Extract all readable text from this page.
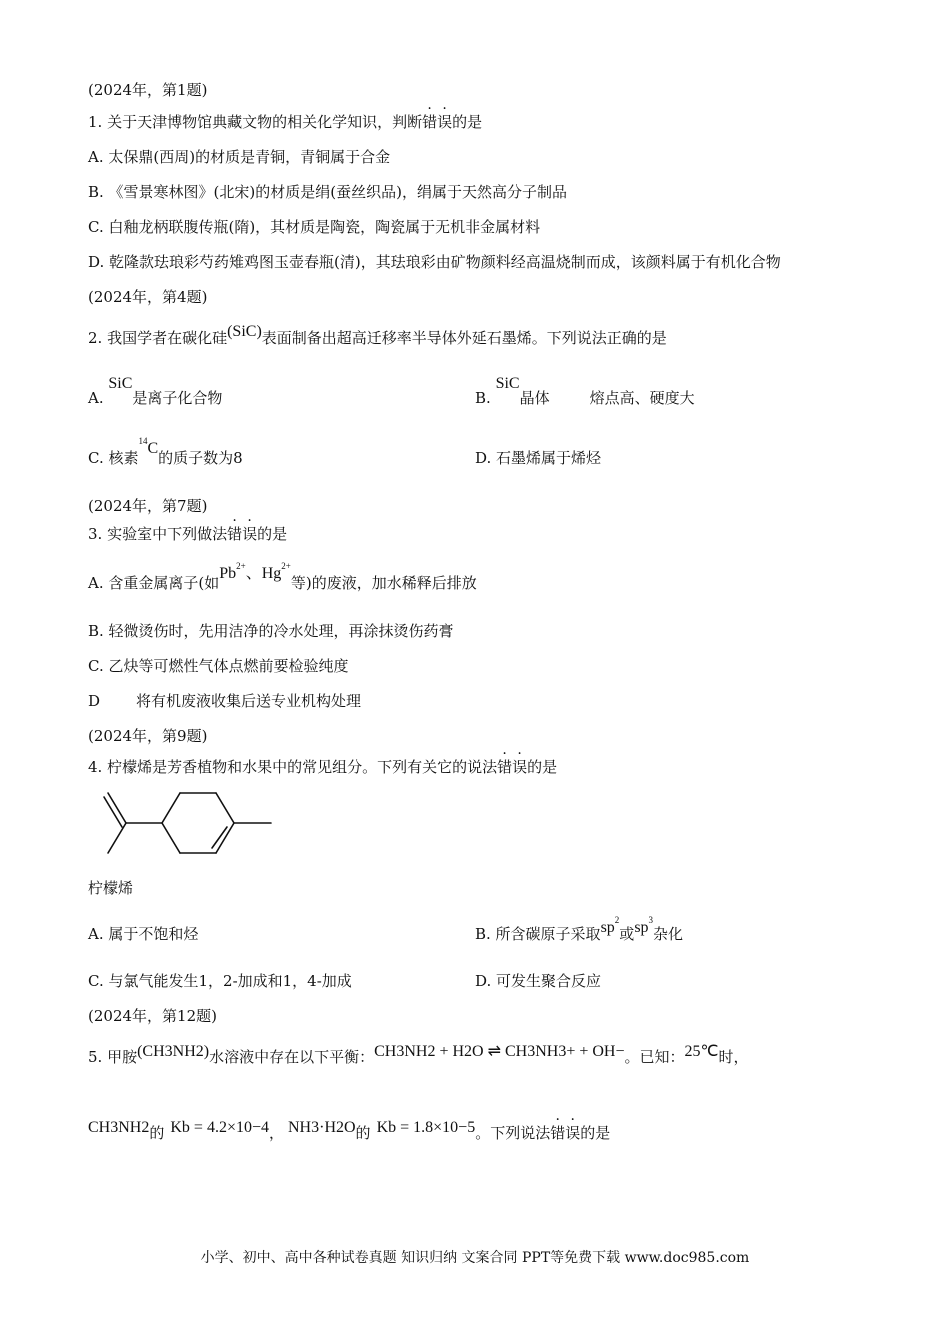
(2024年，第1题)
1. 关于天津博物馆典藏文物的相关化学知识，判断错误的是
A. 太保鼎(西周)的材质是青铜，青铜属于合金
B. 《雪景寒林图》(北宋)的材质是绢(蚕丝织品)，绢属于天然高分子制品
C. 白釉龙柄联腹传瓶(隋)，其材质是陶瓷，陶瓷属于无机非金属材料
D. 乾隆款珐琅彩芍药雉鸡图玉壶春瓶(清)，其珐琅彩由矿物颜料经高温烧制而成，该颜料属于有机化合物
(2024年，第4题)
2. 我国学者在碳化硅(SiC)表面制备出超高迁移率半导体外延石墨烯。下列说法正确的是
A. SiC是离子化合物	B. SiC晶体	熔点高、硬度大
C. 核素$^{14}$C的质子数为8	D. 石墨烯属于烯烃
(2024年，第7题)
3. 实验室中下列做法错误的是
A. 含重金属离子(如$Pb^{2+}$、$Hg^{2+}$等)的废液，加水稀释后排放
B. 轻微烫伤时，先用洁净的冷水处理，再涂抹烫伤药膏
C. 乙炔等可燃性气体点燃前要检验纯度
D 将有机废液收集后送专业机构处理
(2024年，第9题)
4. 柠檬烯是芳香植物和水果中的常见组分。下列有关它的说法错误的是
柠檬烯
A. 属于不饱和烃	B. 所含碳原子采取$sp^2$或$sp^3$杂化
C. 与氯气能发生1，2-加成和1，4-加成	D. 可发生聚合反应
(2024年，第12题)
5. 甲胺(CH3NH2)水溶液中存在以下平衡：CH3NH2 + H2O ⇌ CH3NH3+ + OH−。已知：25℃时，
CH3NH2的 Kb = 4.2×10−4， NH3·H2O的 Kb = 1.8×10−5。下列说法错误的是
小学、初中、高中各种试卷真题 知识归纳 文案合同 PPT等免费下载 www.doc985.com
